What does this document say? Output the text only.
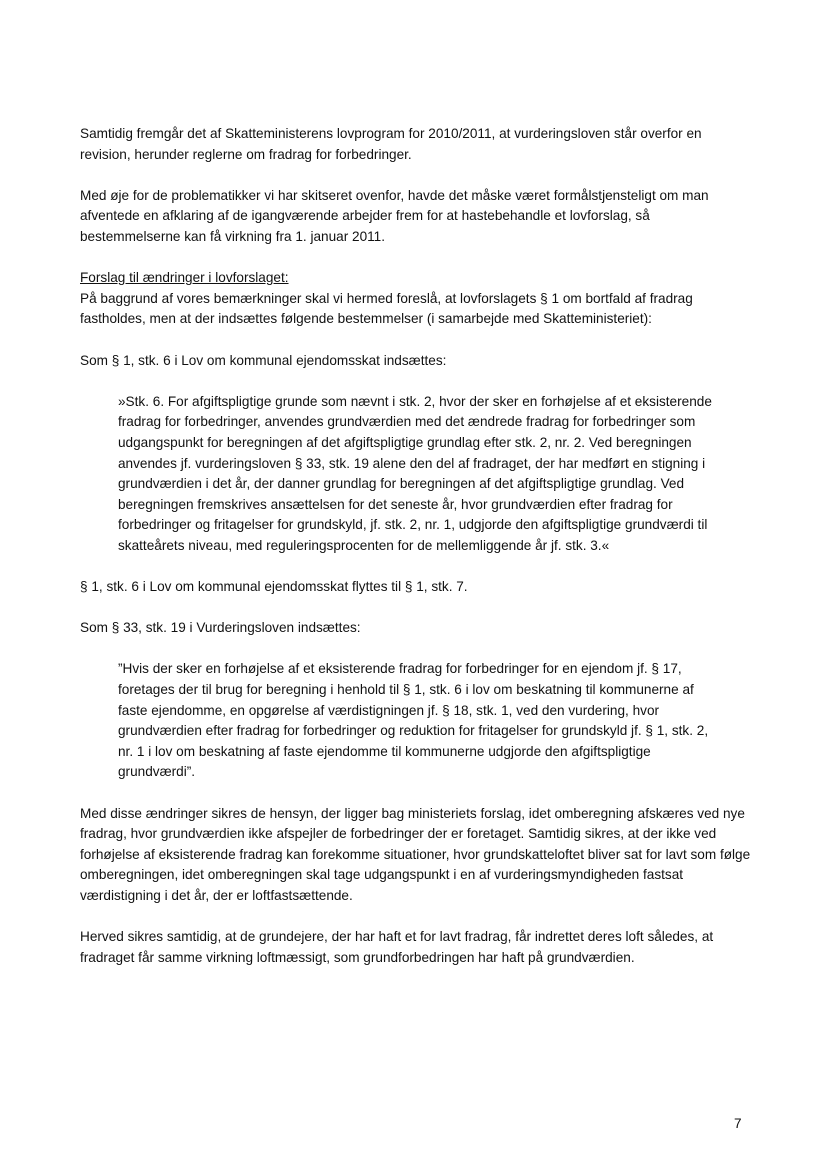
Samtidig fremgår det af Skatteministerens lovprogram for 2010/2011, at vurderingsloven står overfor en revision, herunder reglerne om fradrag for forbedringer.

Med øje for de problematikker vi har skitseret ovenfor, havde det måske været formålstjensteligt om man afventede en afklaring af de igangværende arbejder frem for at hastebehandle et lovforslag, så bestemmelserne kan få virkning fra 1. januar 2011.

Forslag til ændringer i lovforslaget:
På baggrund af vores bemærkninger skal vi hermed foreslå, at lovforslagets § 1 om bortfald af fradrag fastholdes, men at der indsættes følgende bestemmelser (i samarbejde med Skatteministeriet):

Som § 1, stk. 6 i Lov om kommunal ejendomsskat indsættes:

»Stk. 6. For afgiftspligtige grunde som nævnt i stk. 2, hvor der sker en forhøjelse af et eksisterende fradrag for forbedringer, anvendes grundværdien med det ændrede fradrag for forbedringer som udgangspunkt for beregningen af det afgiftspligtige grundlag efter stk. 2, nr. 2. Ved beregningen anvendes jf. vurderingsloven § 33, stk. 19 alene den del af fradraget, der har medført en stigning i grundværdien i det år, der danner grundlag for beregningen af det afgiftspligtige grundlag. Ved beregningen fremskrives ansættelsen for det seneste år, hvor grundværdien efter fradrag for forbedringer og fritagelser for grundskyld, jf. stk. 2, nr. 1, udgjorde den afgiftspligtige grundværdi til skatteårets niveau, med reguleringsprocenten for de mellemliggende år jf. stk. 3.«

§ 1, stk. 6 i Lov om kommunal ejendomsskat flyttes til § 1, stk. 7.

Som § 33, stk. 19 i Vurderingsloven indsættes:

”Hvis der sker en forhøjelse af et eksisterende fradrag for forbedringer for en ejendom jf. § 17, foretages der til brug for beregning i henhold til § 1, stk. 6 i lov om beskatning til kommunerne af faste ejendomme, en opgørelse af værdistigningen jf. § 18, stk. 1, ved den vurdering, hvor grundværdien efter fradrag for forbedringer og reduktion for fritagelser for grundskyld jf. § 1, stk. 2, nr. 1 i lov om beskatning af faste ejendomme til kommunerne udgjorde den afgiftspligtige grundværdi”.

Med disse ændringer sikres de hensyn, der ligger bag ministeriets forslag, idet omberegning afskæres ved nye fradrag, hvor grundværdien ikke afspejler de forbedringer der er foretaget. Samtidig sikres, at der ikke ved forhøjelse af eksisterende fradrag kan forekomme situationer, hvor grundskatteloftet bliver sat for lavt som følge omberegningen, idet omberegningen skal tage udgangspunkt i en af vurderingsmyndigheden fastsat værdistigning i det år, der er loftfastsættende.

Herved sikres samtidig, at de grundejere, der har haft et for lavt fradrag, får indrettet deres loft således, at fradraget får samme virkning loftmæssigt, som grundforbedringen har haft på grundværdien.

7
